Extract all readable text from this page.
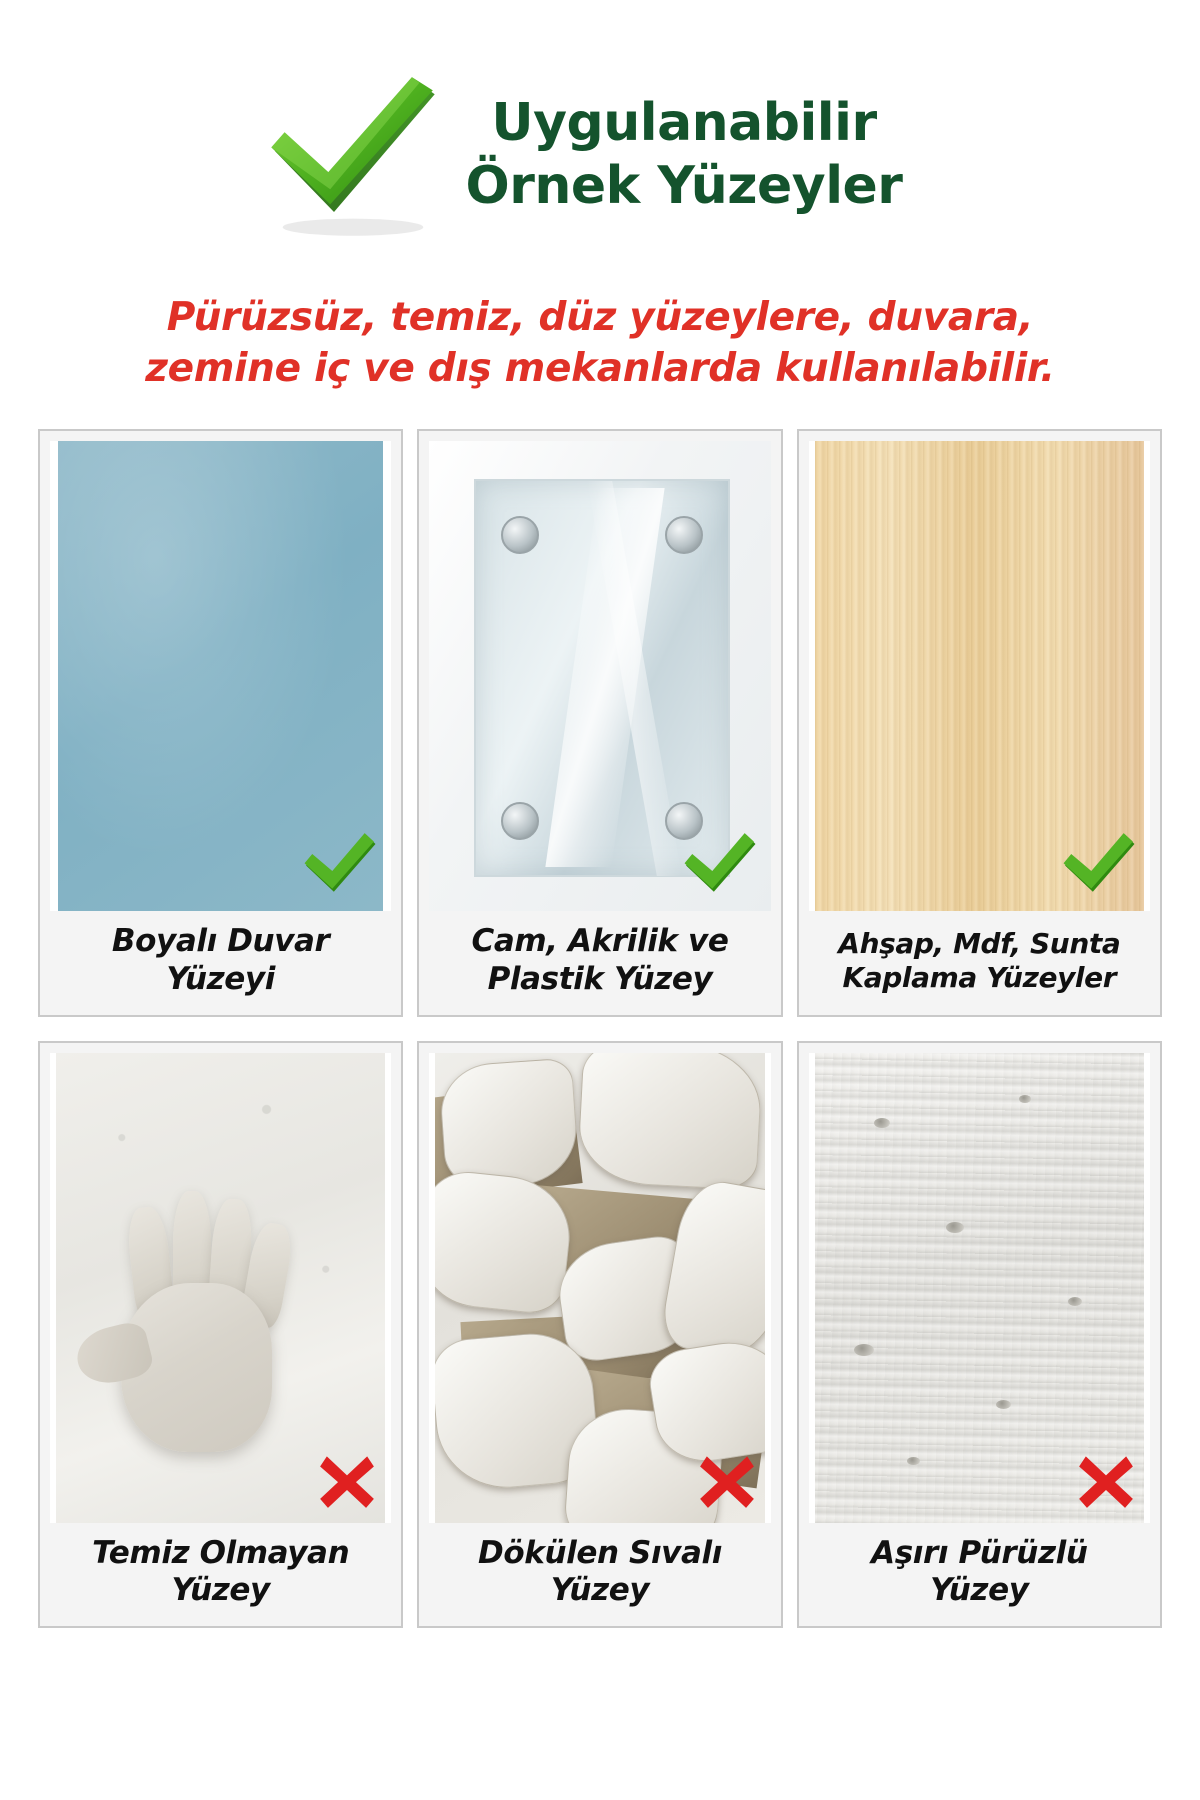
Uygulanabilir
Örnek Yüzeyler
Pürüzsüz, temiz, düz yüzeylere, duvara,
zemine iç ve dış mekanlarda kullanılabilir.
Boyalı Duvar
Yüzeyi
Cam, Akrilik ve
Plastik Yüzey
Ahşap, Mdf, Sunta
Kaplama Yüzeyler
Temiz Olmayan
Yüzey
Dökülen Sıvalı
Yüzey
Aşırı Pürüzlü
Yüzey
